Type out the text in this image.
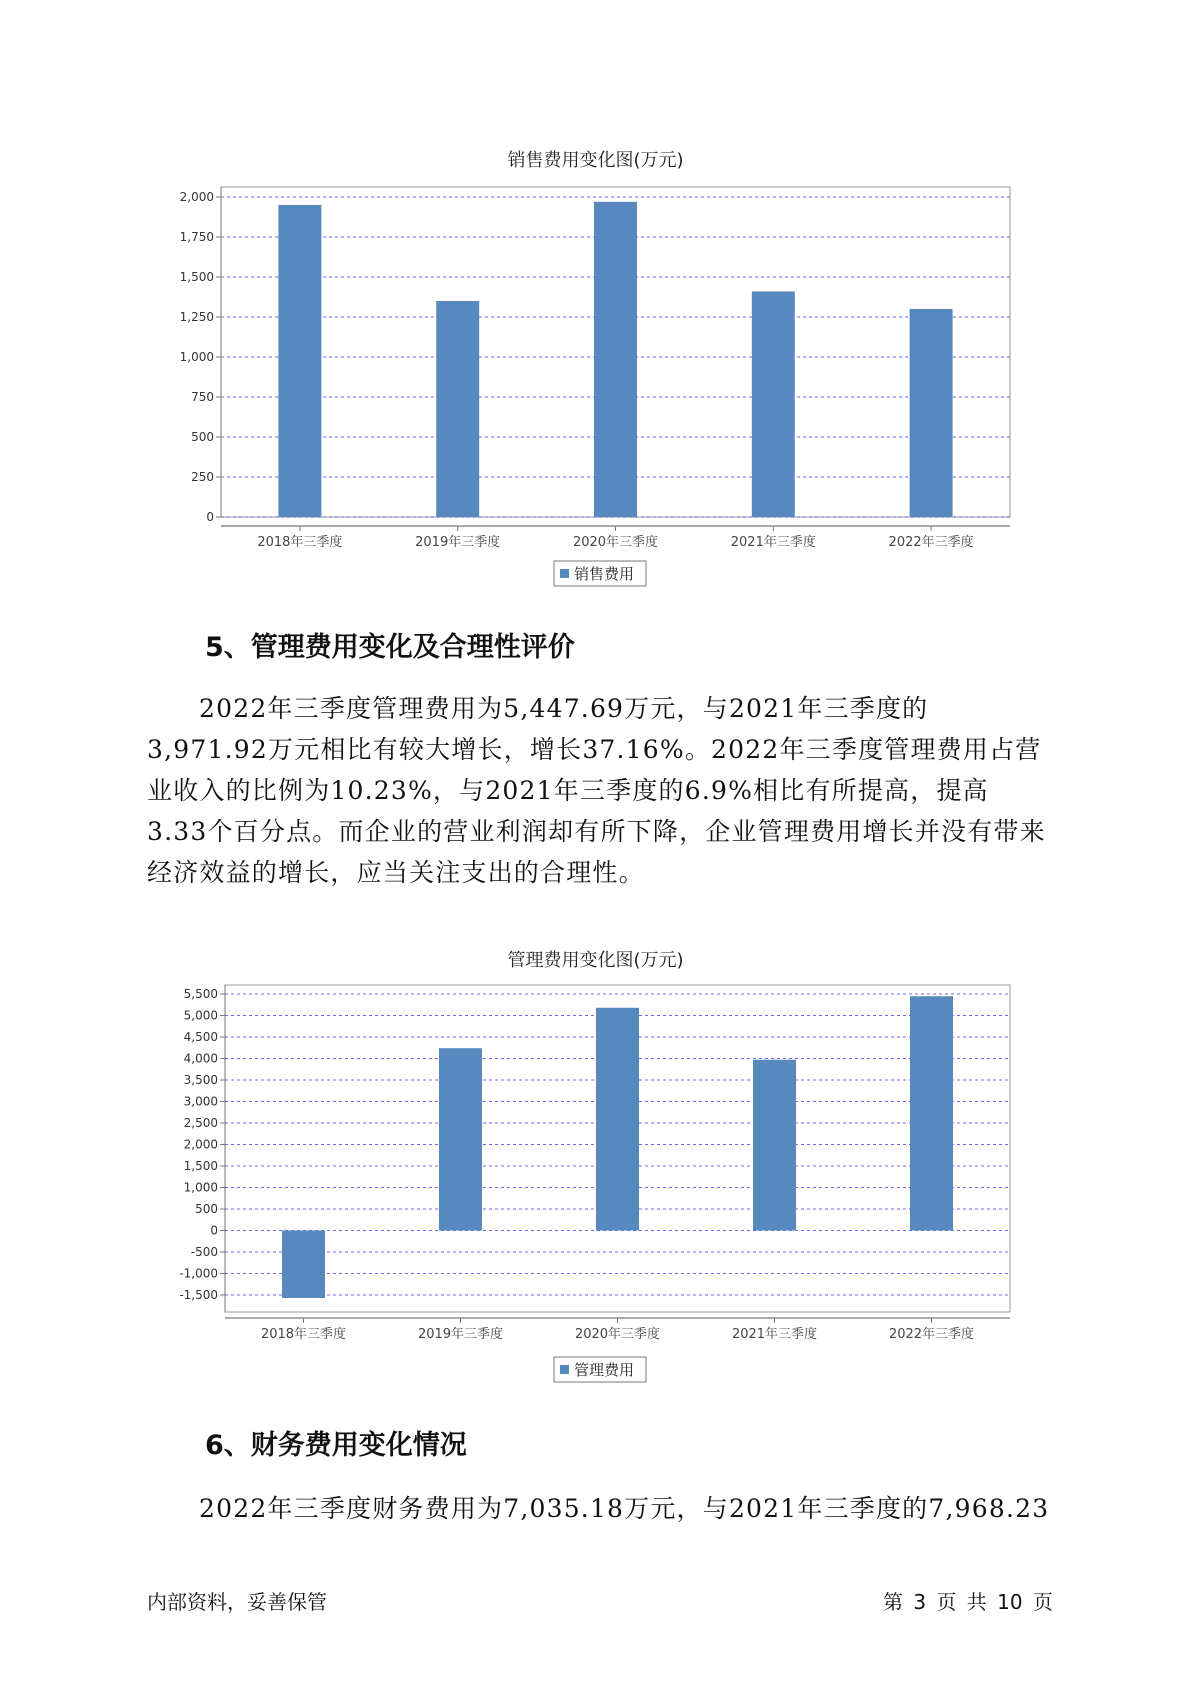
销售费用变化图(万元)
0
250
500
750
1,000
1,250
1,500
1,750
2,000
2018年三季度	2019年三季度	2020年三季度	2021年三季度	2022年三季度
销售费用
5、管理费用变化及合理性评价

2022年三季度管理费用为5,447.69万元，与2021年三季度的3,971.92万元相比有较大增长，增长37.16%。2022年三季度管理费用占营业收入的比例为10.23%，与2021年三季度的6.9%相比有所提高，提高3.33个百分点。而企业的营业利润却有所下降，企业管理费用增长并没有带来经济效益的增长，应当关注支出的合理性。

管理费用变化图(万元)
-1,500
-1,000
-500
0
500
1,000
1,500
2,000
2,500
3,000
3,500
4,000
4,500
5,000
5,500
2018年三季度	2019年三季度	2020年三季度	2021年三季度	2022年三季度
管理费用
6、财务费用变化情况

2022年三季度财务费用为7,035.18万元，与2021年三季度的7,968.23

内部资料，妥善保管	第 3 页 共 10 页
